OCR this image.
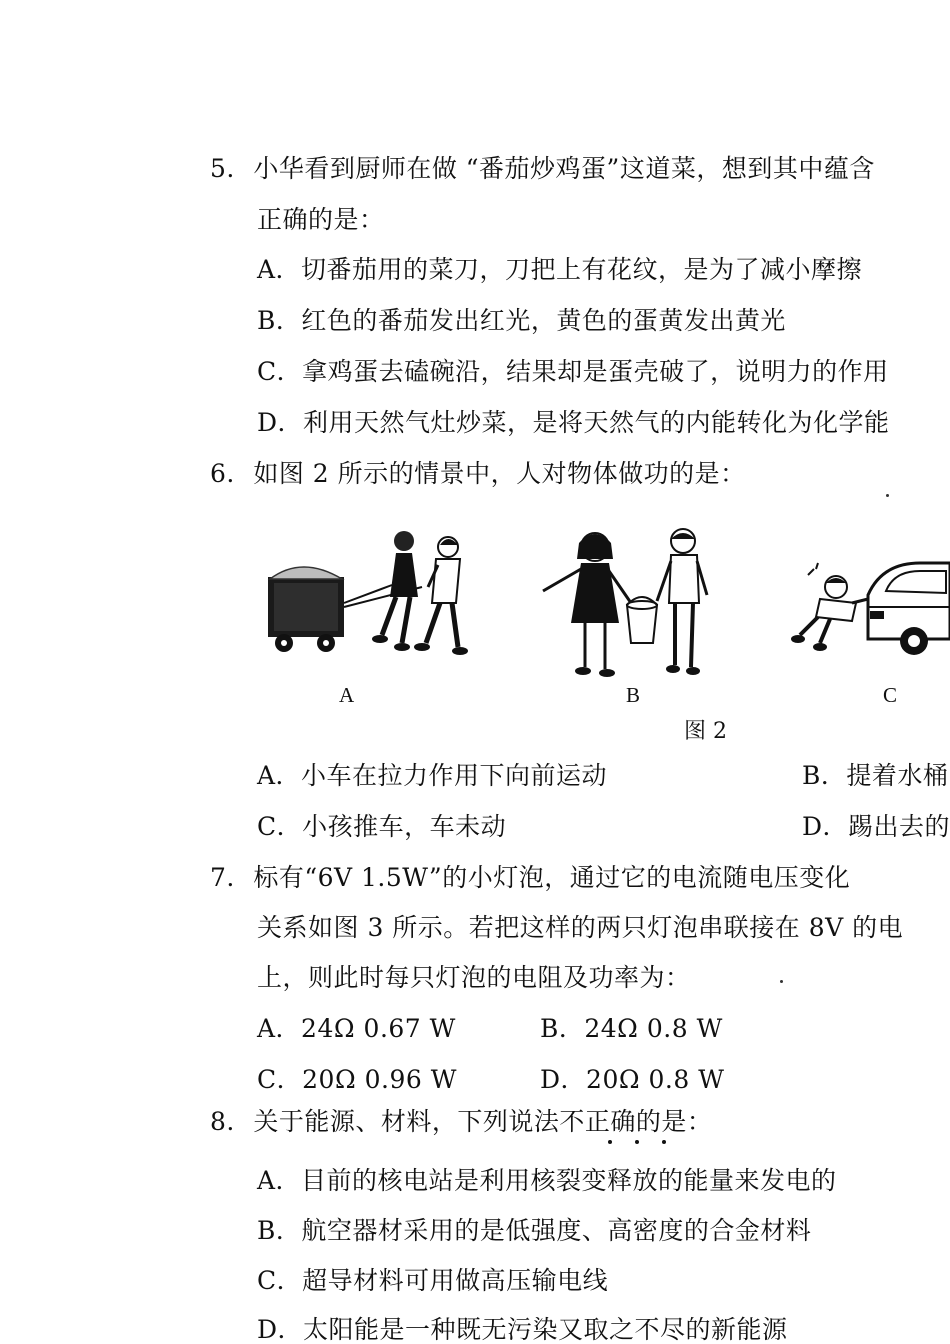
5. 小华看到厨师在做 “番茄炒鸡蛋”这道菜，想到其中蕴含
正确的是：
A．切番茄用的菜刀，刀把上有花纹，是为了减小摩擦
B．红色的番茄发出红光，黄色的蛋黄发出黄光
C．拿鸡蛋去磕碗沿，结果却是蛋壳破了，说明力的作用
D．利用天然气灶炒菜，是将天然气的内能转化为化学能
6. 如图 2 所示的情景中，人对物体做功的是：
A	B	C
图 2
A．小车在拉力作用下向前运动	B．提着水桶
C．小孩推车，车未动	D．踢出去的
7. 标有“6V 1.5W”的小灯泡，通过它的电流随电压变化
关系如图 3 所示。若把这样的两只灯泡串联接在 8V 的电
上，则此时每只灯泡的电阻及功率为：
A．24Ω 0.67 W	B．24Ω 0.8 W
C．20Ω 0.96 W	D．20Ω 0.8 W
8. 关于能源、材料，下列说法不正确的是：
A．目前的核电站是利用核裂变释放的能量来发电的
B．航空器材采用的是低强度、高密度的合金材料
C．超导材料可用做高压输电线
D．太阳能是一种既无污染又取之不尽的新能源
